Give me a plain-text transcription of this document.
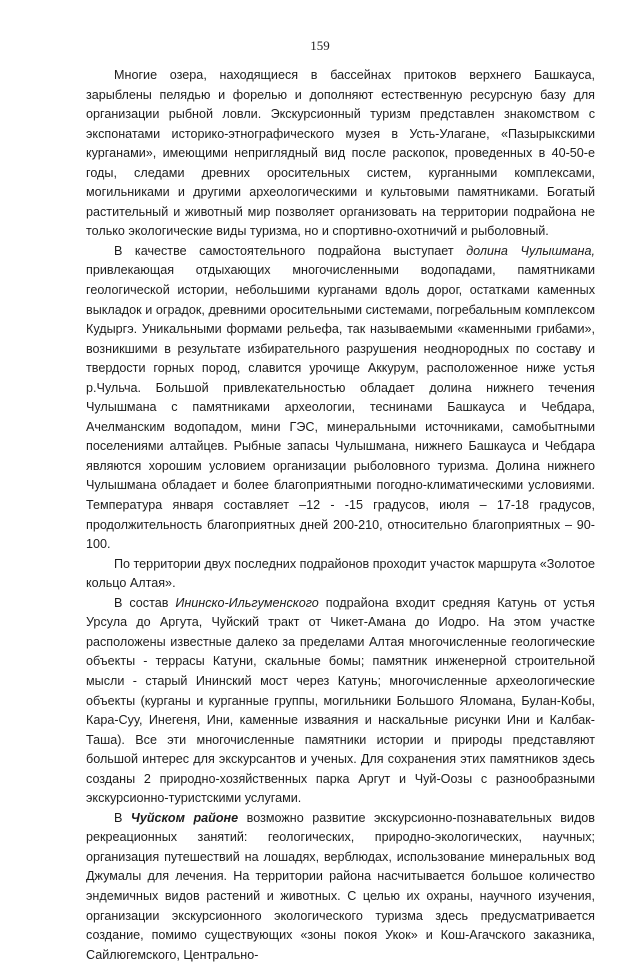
159

Многие озера, находящиеся в бассейнах притоков верхнего Башкауса, зарыблены пелядью и форелью и дополняют естественную ресурсную базу для организации рыбной ловли. Экскурсионный туризм представлен знакомством с экспонатами историко-этнографического музея в Усть-Улагане, «Пазырыкскими курганами», имеющими неприглядный вид после раскопок, проведенных в 40-50-е годы, следами древних оросительных систем, курганными комплексами, могильниками и другими археологическими и культовыми памятниками. Богатый растительный и животный мир позволяет организовать на территории подрайона не только экологические виды туризма, но и спортивно-охотничий и рыболовный.

В качестве самостоятельного подрайона выступает долина Чулышмана, привлекающая отдыхающих многочисленными водопадами, памятниками геологической истории, небольшими курганами вдоль дорог, остатками каменных выкладок и оградок, древними оросительными системами, погребальным комплексом Кудыргэ. Уникальными формами рельефа, так называемыми «каменными грибами», возникшими в результате избирательного разрушения неоднородных по составу и твердости горных пород, славится урочище Аккурум, расположенное ниже устья р.Чульча. Большой привлекательностью обладает долина нижнего течения Чулышмана с памятниками археологии, теснинами Башкауса и Чебдара, Ачелманским водопадом, мини ГЭС, минеральными источниками, самобытными поселениями алтайцев. Рыбные запасы Чулышмана, нижнего Башкауса и Чебдара являются хорошим условием организации рыболовного туризма. Долина нижнего Чулышмана обладает и более благоприятными погодно-климатическими условиями. Температура января составляет –12 - -15 градусов, июля – 17-18 градусов, продолжительность благоприятных дней 200-210, относительно благоприятных – 90-100.

По территории двух последних подрайонов проходит участок маршрута «Золотое кольцо Алтая».

В состав Ининско-Ильгуменского подрайона входит средняя Катунь от устья Урсула до Аргута, Чуйский тракт от Чикет-Амана до Иодро. На этом участке расположены известные далеко за пределами Алтая многочисленные геологические объекты - террасы Катуни, скальные бомы; памятник инженерной строительной мысли - старый Ининский мост через Катунь; многочисленные археологические объекты (курганы и курганные группы, могильники Большого Яломана, Булан-Кобы, Кара-Суу, Инегеня, Ини, каменные изваяния и наскальные рисунки Ини и Калбак-Таша). Все эти многочисленные памятники истории и природы представляют большой интерес для экскурсантов и ученых. Для сохранения этих памятников здесь созданы 2 природно-хозяйственных парка Аргут и Чуй-Оозы с разнообразными экскурсионно-туристскими услугами.

В Чуйском районе возможно развитие экскурсионно-познавательных видов рекреационных занятий: геологических, природно-экологических, научных; организация путешествий на лошадях, верблюдах, использование минеральных вод Джумалы для лечения. На территории района насчитывается большое количество эндемичных видов растений и животных. С целью их охраны, научного изучения, организации экскурсионного экологического туризма здесь предусматривается создание, помимо существующих «зоны покоя Укок» и Кош-Агачского заказника, Сайлюгемского, Центрально-
